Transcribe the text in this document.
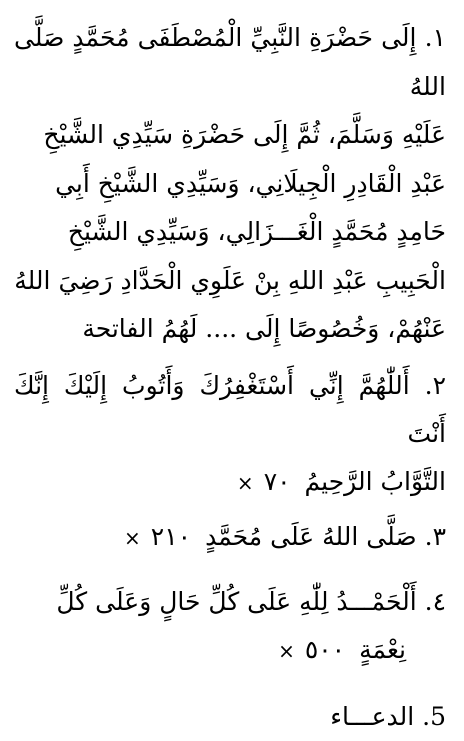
١. إِلَى حَضْرَةِ النَّبِيِّ الْمُصْطَفَى مُحَمَّدٍ صَلَّى اللهُ
عَلَيْهِ وَسَلَّمَ، ثُمَّ إِلَى حَضْرَةِ سَيِّدِي الشَّيْخِ
عَبْدِ الْقَادِرِ الْجِيلَانِي، وَسَيِّدِي الشَّيْخِ أَبِي
حَامِدٍ مُحَمَّدٍ الْغَـــزَالِي، وَسَيِّدِي الشَّيْخِ
الْحَبِيبِ عَبْدِ اللهِ بِنْ عَلَوِي الْحَدَّادِ رَضِيَ اللهُ
عَنْهُمْ، وَخُصُوصًا إِلَى .... لَهُمُ الفاتحة
٢. أَللّٰهُمَّ إِنِّي أَسْتَغْفِرُكَ وَأَتُوبُ إِلَيْكَ إِنَّكَ أَنْتَ
التَّوَّابُ الرَّحِيمُ٧٠×
٣. صَلَّى اللهُ عَلَى مُحَمَّدٍ٢١٠×
٤. أَلْحَمْـــدُ لِلّٰهِ عَلَى كُلِّ حَالٍ وَعَلَى كُلِّ
نِعْمَةٍ٥٠٠×
5. الدعـــاء
